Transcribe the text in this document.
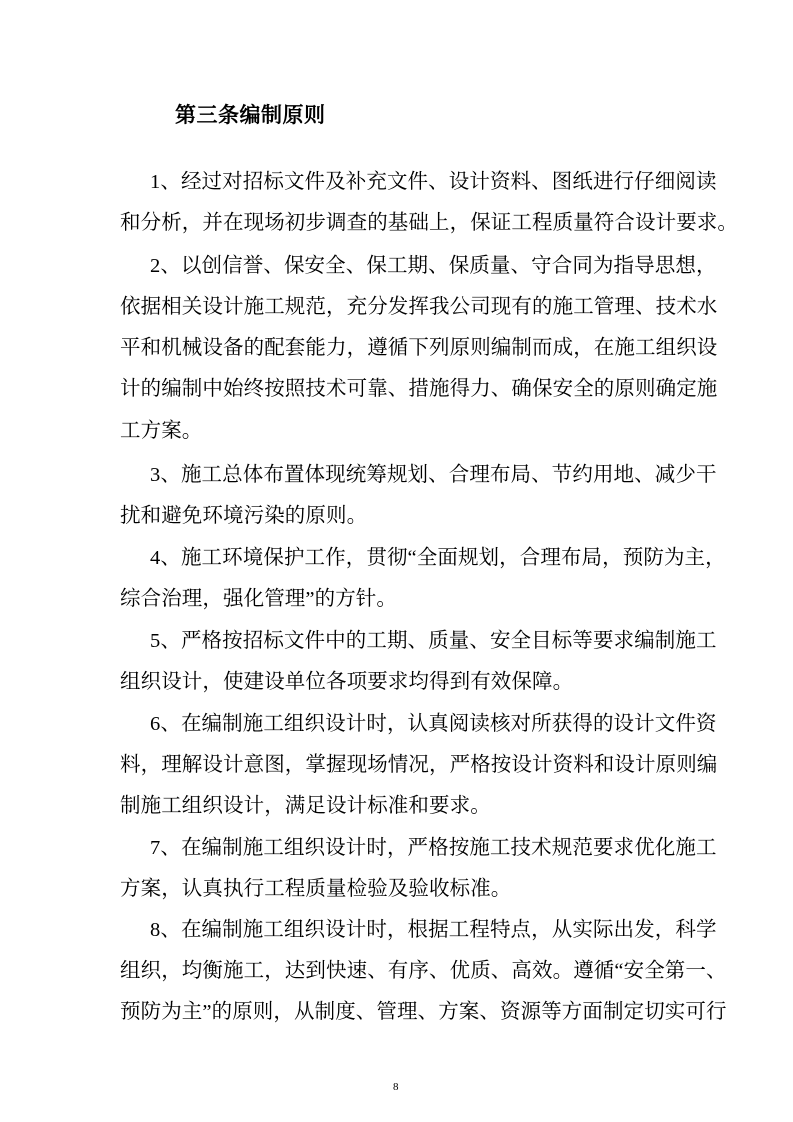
第三条编制原则
1、经过对招标文件及补充文件、设计资料、图纸进行仔细阅读
和分析，并在现场初步调查的基础上，保证工程质量符合设计要求。
2、以创信誉、保安全、保工期、保质量、守合同为指导思想，
依据相关设计施工规范，充分发挥我公司现有的施工管理、技术水
平和机械设备的配套能力，遵循下列原则编制而成，在施工组织设
计的编制中始终按照技术可靠、措施得力、确保安全的原则确定施
工方案。
3、施工总体布置体现统筹规划、合理布局、节约用地、减少干
扰和避免环境污染的原则。
4、施工环境保护工作，贯彻“全面规划，合理布局，预防为主，
综合治理，强化管理”的方针。
5、严格按招标文件中的工期、质量、安全目标等要求编制施工
组织设计，使建设单位各项要求均得到有效保障。
6、在编制施工组织设计时，认真阅读核对所获得的设计文件资
料，理解设计意图，掌握现场情况，严格按设计资料和设计原则编
制施工组织设计，满足设计标准和要求。
7、在编制施工组织设计时，严格按施工技术规范要求优化施工
方案，认真执行工程质量检验及验收标准。
8、在编制施工组织设计时，根据工程特点，从实际出发，科学
组织，均衡施工，达到快速、有序、优质、高效。遵循“安全第一、
预防为主”的原则，从制度、管理、方案、资源等方面制定切实可行
8
